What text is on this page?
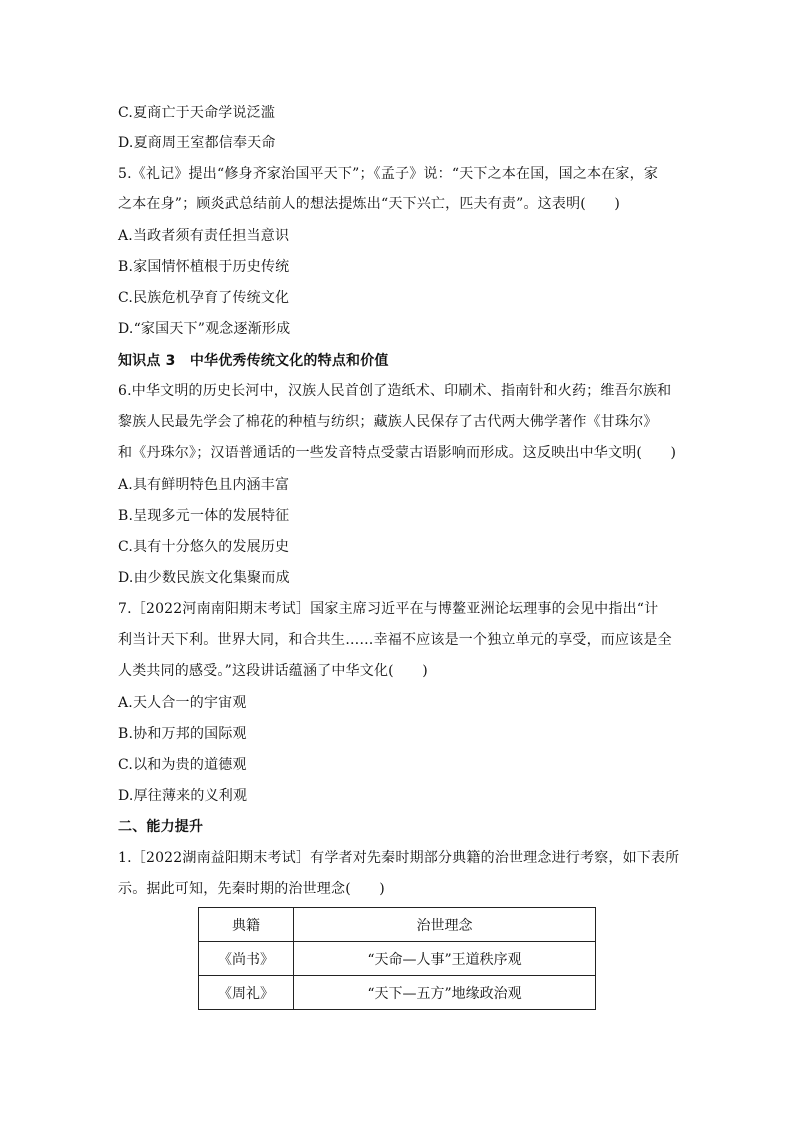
C.夏商亡于天命学说泛滥
D.夏商周王室都信奉天命
5.《礼记》提出“修身齐家治国平天下”；《孟子》说：“天下之本在国，国之本在家，家
之本在身”；顾炎武总结前人的想法提炼出“天下兴亡，匹夫有责”。这表明(　　)
A.当政者须有责任担当意识
B.家国情怀植根于历史传统
C.民族危机孕育了传统文化
D.“家国天下”观念逐渐形成
知识点 3　中华优秀传统文化的特点和价值
6.中华文明的历史长河中，汉族人民首创了造纸术、印刷术、指南针和火药；维吾尔族和
黎族人民最先学会了棉花的种植与纺织；藏族人民保存了古代两大佛学著作《甘珠尔》
和《丹珠尔》；汉语普通话的一些发音特点受蒙古语影响而形成。这反映出中华文明(　　)
A.具有鲜明特色且内涵丰富
B.呈现多元一体的发展特征
C.具有十分悠久的发展历史
D.由少数民族文化集聚而成
7.［2022河南南阳期末考试］国家主席习近平在与博鳌亚洲论坛理事的会见中指出“计
利当计天下利。世界大同，和合共生……幸福不应该是一个独立单元的享受，而应该是全
人类共同的感受。”这段讲话蕴涵了中华文化(　　)
A.天人合一的宇宙观
B.协和万邦的国际观
C.以和为贵的道德观
D.厚往薄来的义利观
二、能力提升
1.［2022湖南益阳期末考试］有学者对先秦时期部分典籍的治世理念进行考察，如下表所
示。据此可知，先秦时期的治世理念(　　)
典籍	治世理念
《尚书》	“天命—人事”王道秩序观
《周礼》	“天下—五方”地缘政治观
